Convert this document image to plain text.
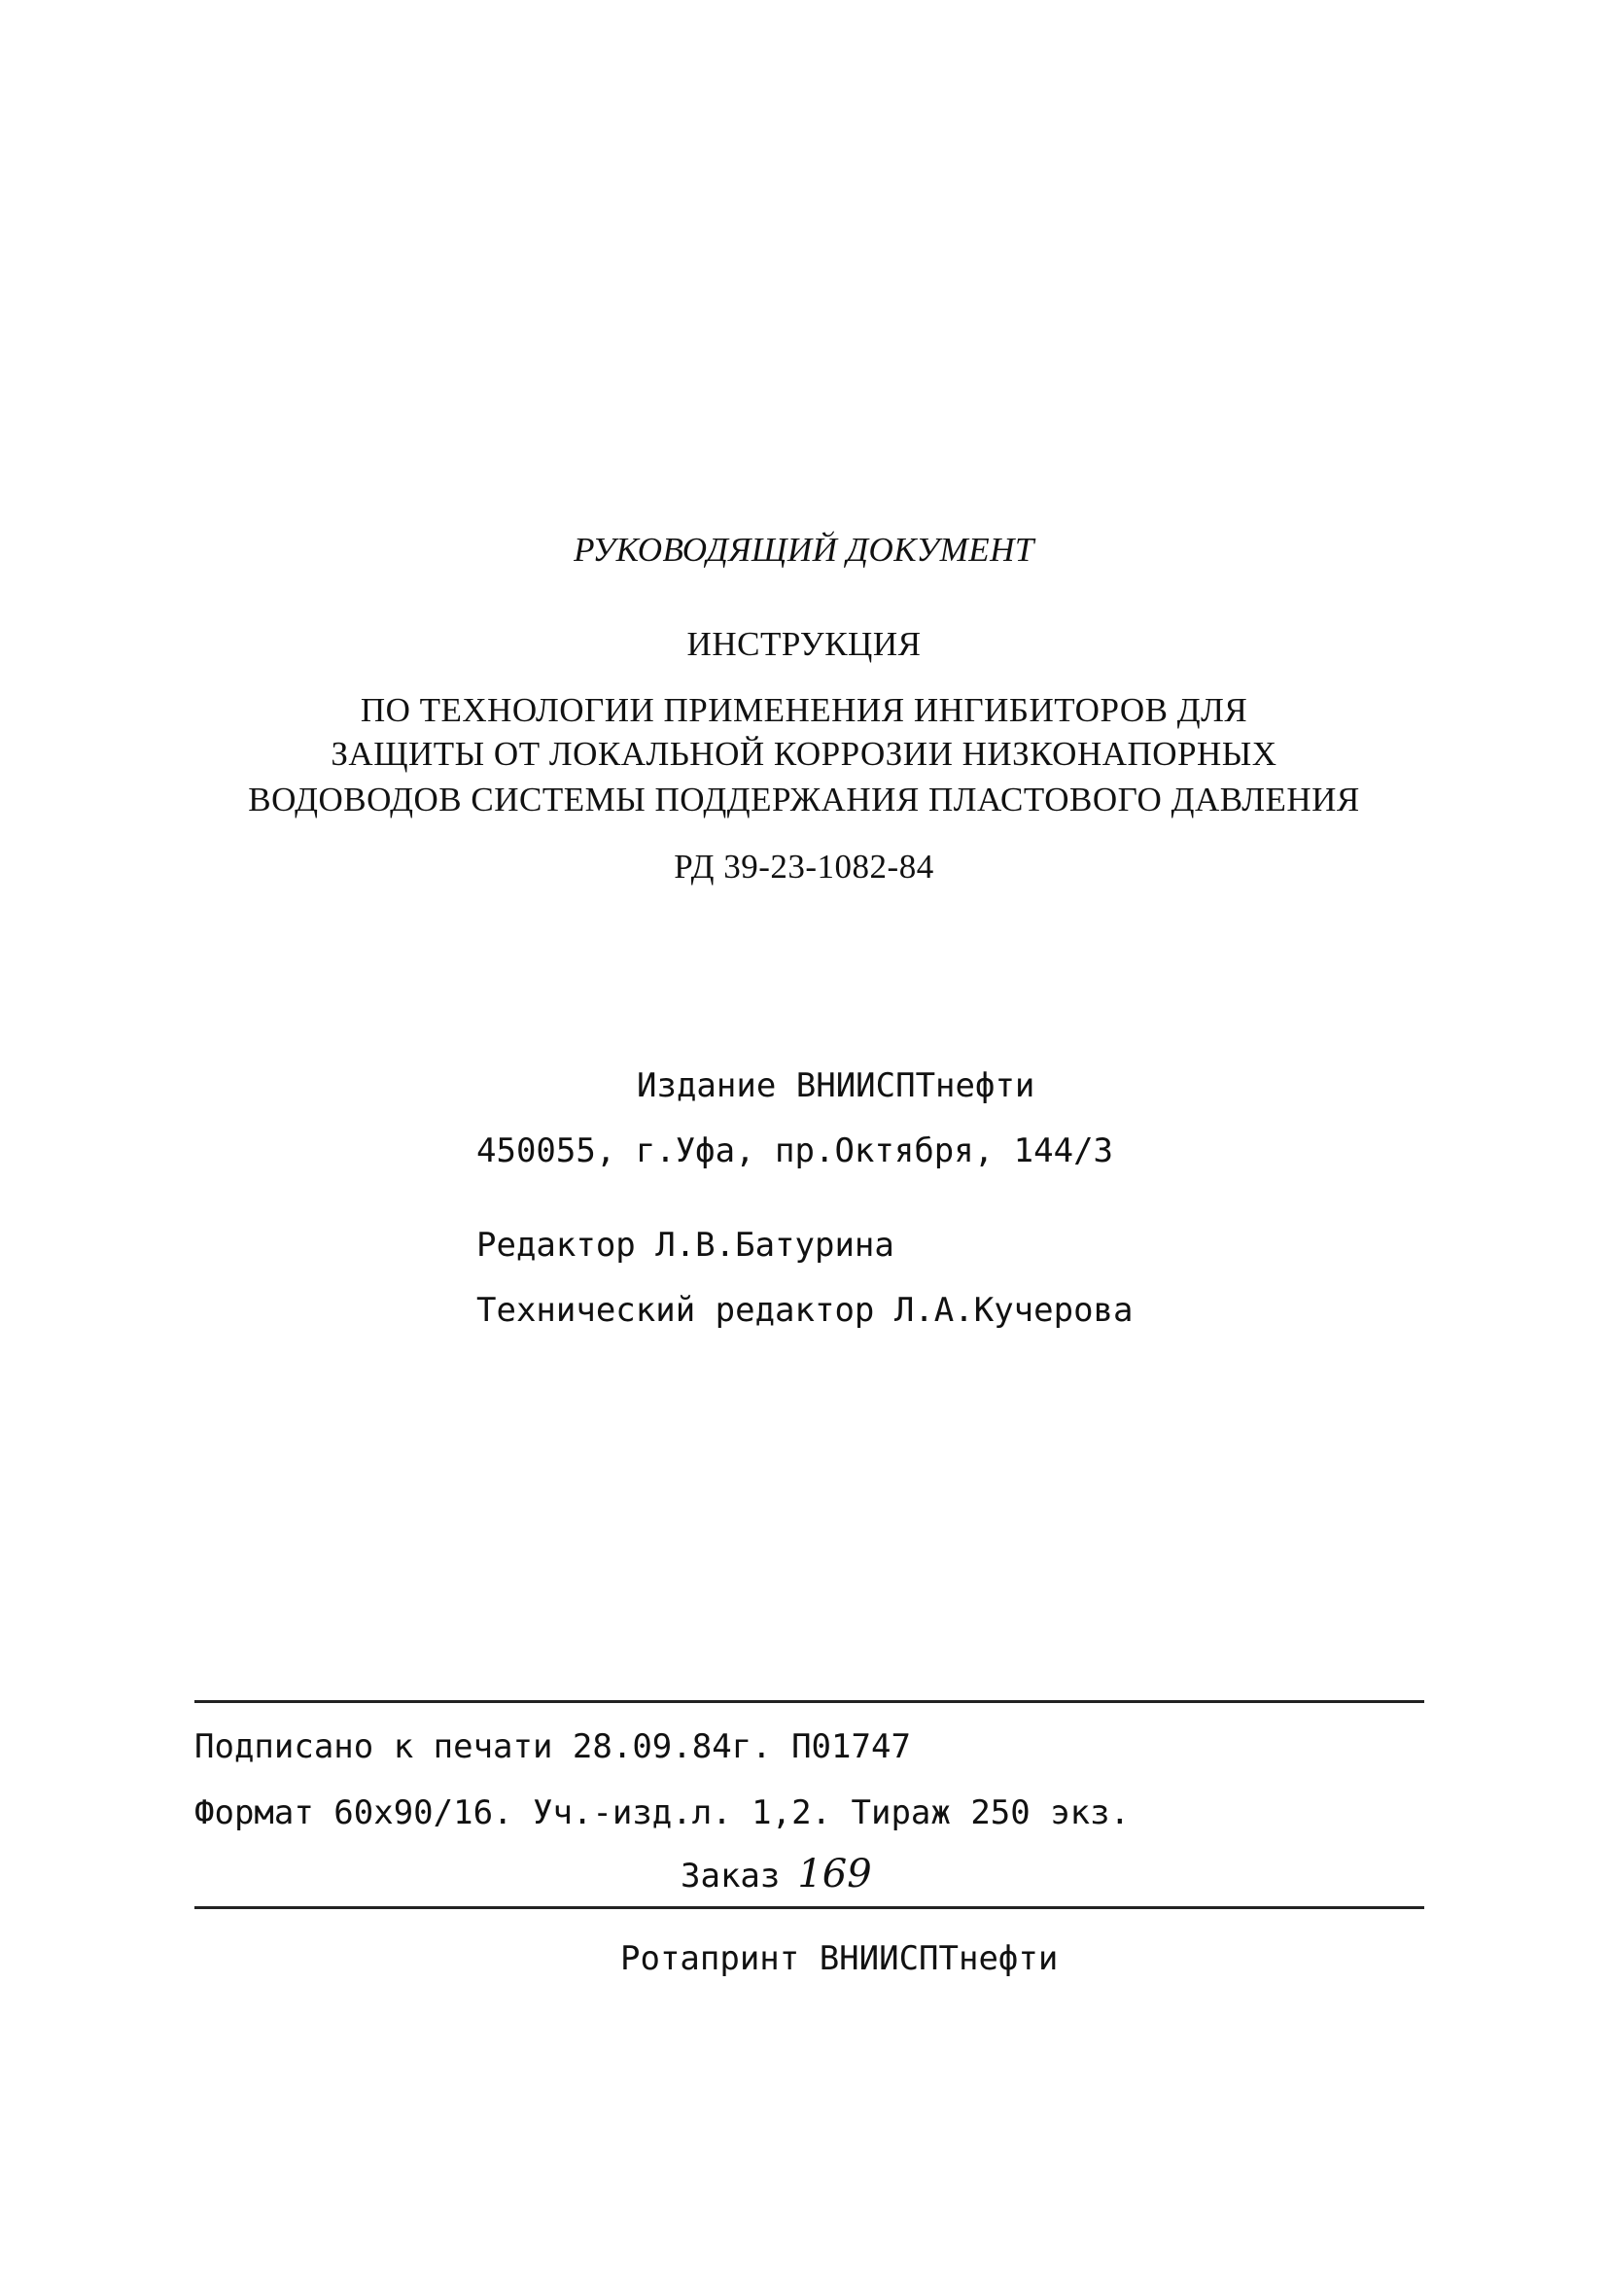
РУКОВОДЯЩИЙ ДОКУМЕНТ
ИНСТРУКЦИЯ
ПО ТЕХНОЛОГИИ ПРИМЕНЕНИЯ ИНГИБИТОРОВ ДЛЯ
ЗАЩИТЫ ОТ ЛОКАЛЬНОЙ КОРРОЗИИ НИЗКОНАПОРНЫХ
ВОДОВОДОВ СИСТЕМЫ ПОДДЕРЖАНИЯ ПЛАСТОВОГО ДАВЛЕНИЯ
РД 39-23-1082-84
Издание ВНИИСПТнефти
450055, г.Уфа, пр.Октября, 144/3
Редактор Л.В.Батурина
Технический редактор Л.А.Кучерова
Подписано к печати 28.09.84г. П01747
Формат 60x90/16. Уч.-изд.л. 1,2. Тираж 250 экз.
Заказ 169
Ротапринт ВНИИСПТнефти
